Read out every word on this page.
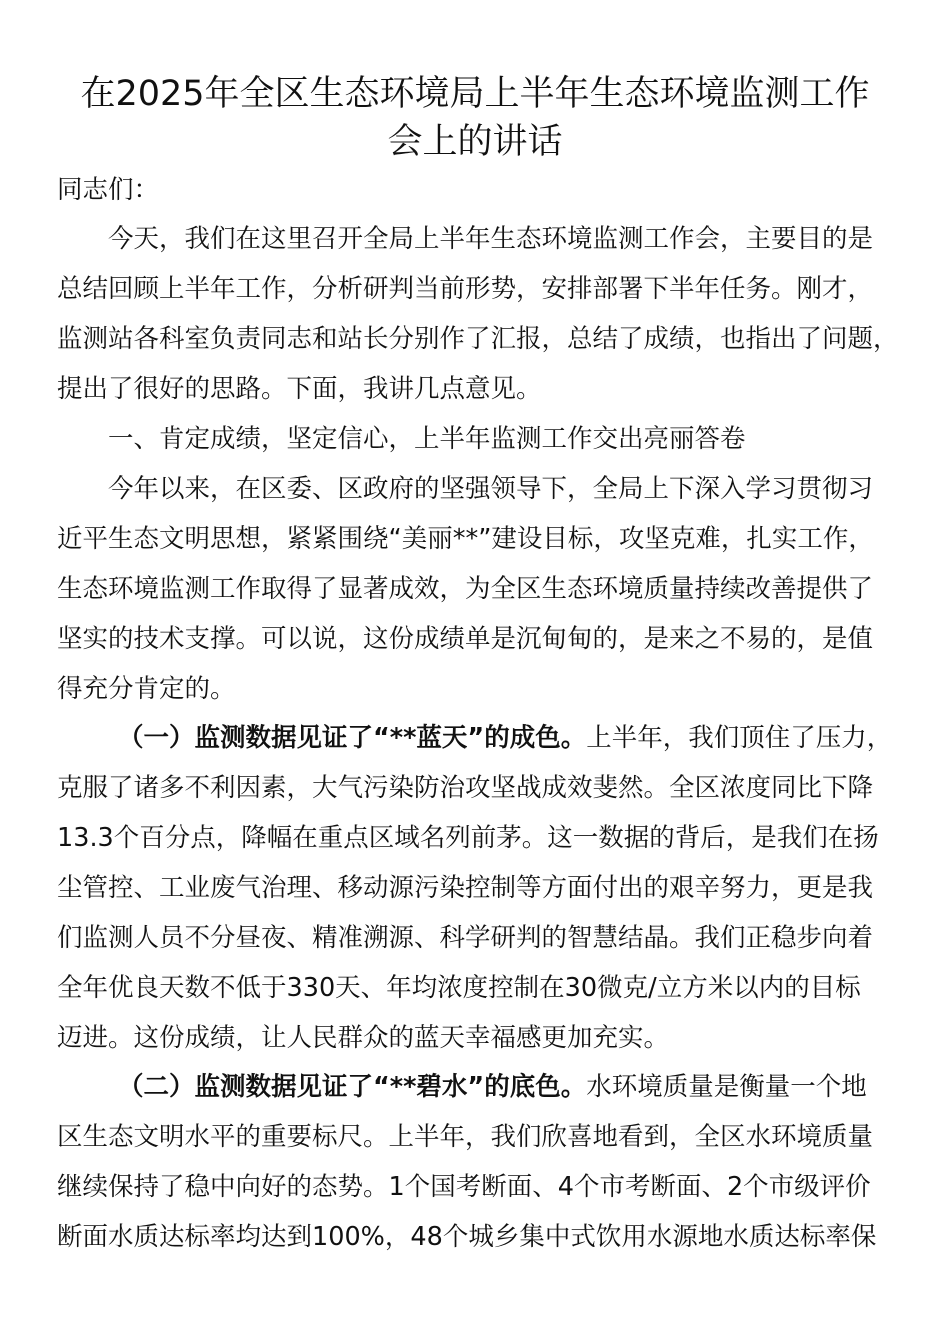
在2025年全区生态环境局上半年生态环境监测工作
会上的讲话
同志们：
今天，我们在这里召开全局上半年生态环境监测工作会，主要目的是
总结回顾上半年工作，分析研判当前形势，安排部署下半年任务。刚才，
监测站各科室负责同志和站长分别作了汇报，总结了成绩，也指出了问题，
提出了很好的思路。下面，我讲几点意见。
一、肯定成绩，坚定信心，上半年监测工作交出亮丽答卷
今年以来，在区委、区政府的坚强领导下，全局上下深入学习贯彻习
近平生态文明思想，紧紧围绕“美丽**”建设目标，攻坚克难，扎实工作，
生态环境监测工作取得了显著成效，为全区生态环境质量持续改善提供了
坚实的技术支撑。可以说，这份成绩单是沉甸甸的，是来之不易的，是值
得充分肯定的。
（一）监测数据见证了“**蓝天”的成色。上半年，我们顶住了压力，
克服了诸多不利因素，大气污染防治攻坚战成效斐然。全区浓度同比下降
13.3个百分点，降幅在重点区域名列前茅。这一数据的背后，是我们在扬
尘管控、工业废气治理、移动源污染控制等方面付出的艰辛努力，更是我
们监测人员不分昼夜、精准溯源、科学研判的智慧结晶。我们正稳步向着
全年优良天数不低于330天、年均浓度控制在30微克/立方米以内的目标
迈进。这份成绩，让人民群众的蓝天幸福感更加充实。
（二）监测数据见证了“**碧水”的底色。水环境质量是衡量一个地
区生态文明水平的重要标尺。上半年，我们欣喜地看到，全区水环境质量
继续保持了稳中向好的态势。1个国考断面、4个市考断面、2个市级评价
断面水质达标率均达到100%，48个城乡集中式饮用水源地水质达标率保
